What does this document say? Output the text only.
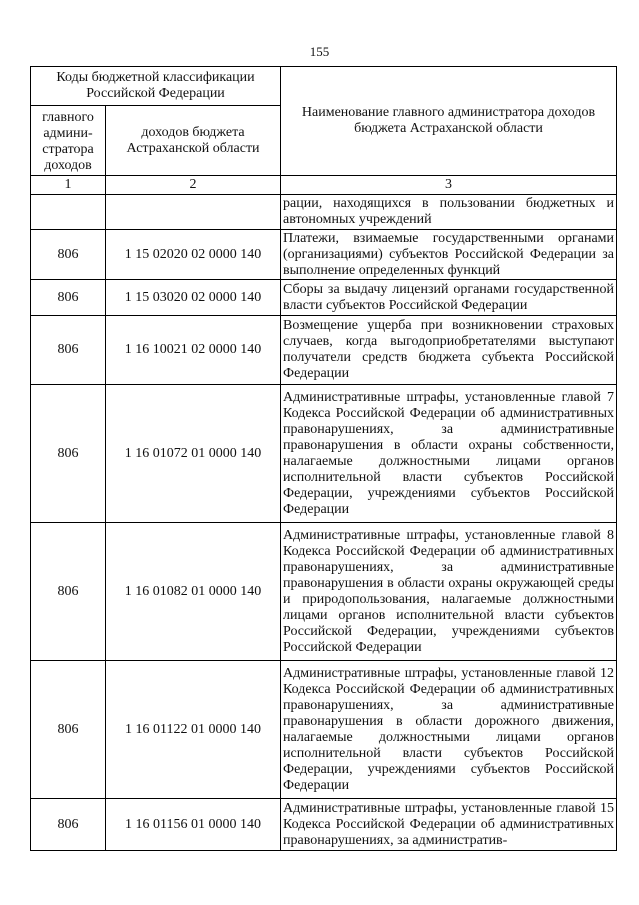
155
Коды бюджетной классификации Российской Федерации		Наименование главного администратора доходов бюджета Астраханской области
главного админи-стратора доходов	доходов бюджета Астраханской области	
1	2	3
		рации, находящихся в пользовании бюджетных и автономных учреждений
806	1 15 02020 02 0000 140	Платежи, взимаемые государственными органами (организациями) субъектов Российской Федерации за выполнение определенных функций
806	1 15 03020 02 0000 140	Сборы за выдачу лицензий органами государственной власти субъектов Российской Федерации
806	1 16 10021 02 0000 140	Возмещение ущерба при возникновении страховых случаев, когда выгодоприобретателями выступают получатели средств бюджета субъекта Российской Федерации
806	1 16 01072 01 0000 140	Административные штрафы, установленные главой 7 Кодекса Российской Федерации об административных правонарушениях, за административные правонарушения в области охраны собственности, налагаемые должностными лицами органов исполнительной власти субъектов Российской Федерации, учреждениями субъектов Российской Федерации
806	1 16 01082 01 0000 140	Административные штрафы, установленные главой 8 Кодекса Российской Федерации об административных правонарушениях, за административные правонарушения в области охраны окружающей среды и природопользования, налагаемые должностными лицами органов исполнительной власти субъектов Российской Федерации, учреждениями субъектов Российской Федерации
806	1 16 01122 01 0000 140	Административные штрафы, установленные главой 12 Кодекса Российской Федерации об административных правонарушениях, за административные правонарушения в области дорожного движения, налагаемые должностными лицами органов исполнительной власти субъектов Российской Федерации, учреждениями субъектов Российской Федерации
806	1 16 01156 01 0000 140	Административные штрафы, установленные главой 15 Кодекса Российской Федерации об административных правонарушениях, за административ-
